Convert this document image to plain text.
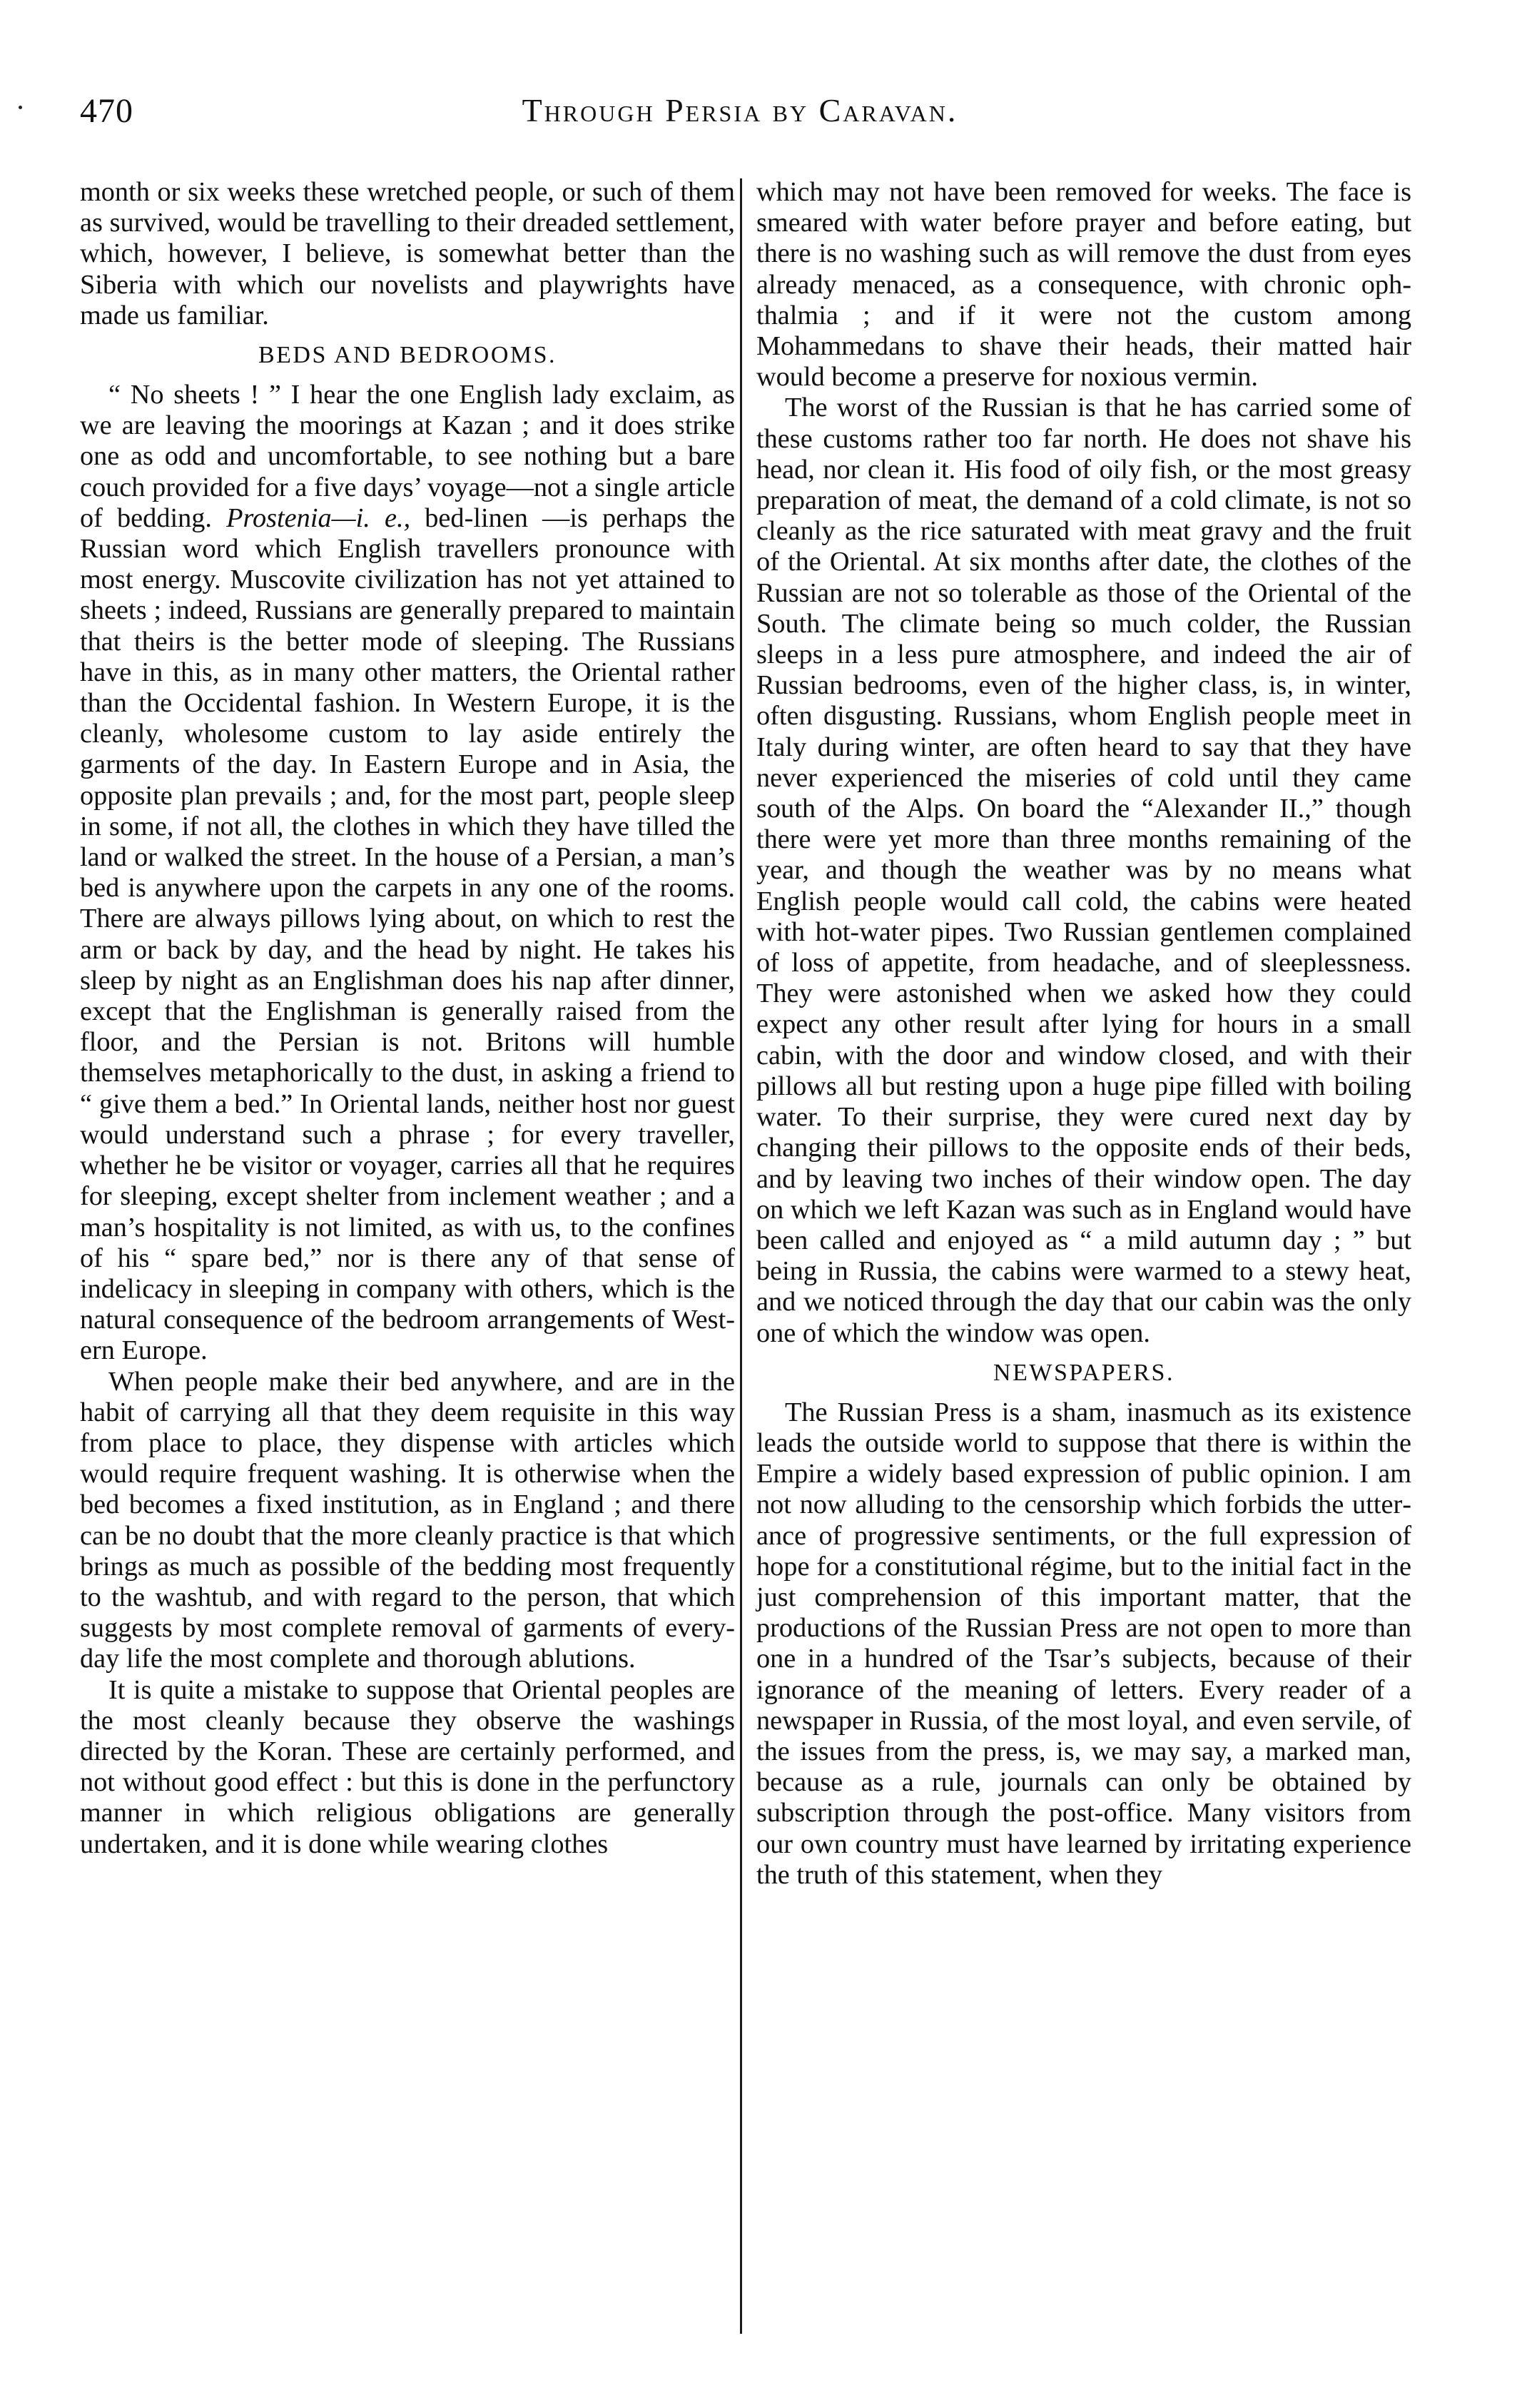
470	Through Persia by Caravan.

month or six weeks these wretched people, or such of them as survived, would be travelling to their dreaded settlement, which, however, I believe, is somewhat better than the Siberia with which our novelists and playwrights have made us familiar.

BEDS AND BEDROOMS.

“ No sheets ! ” I hear the one English lady exclaim, as we are leaving the moorings at Kazan ; and it does strike one as odd and uncomfortable, to see nothing but a bare couch provided for a five days’ voyage—not a single article of bedding. Prostenia—i. e., bed-linen —is perhaps the Russian word which English travellers pronounce with most energy. Muscovite civilization has not yet attained to sheets ; indeed, Russians are generally prepared to maintain that theirs is the better mode of sleeping. The Russians have in this, as in many other matters, the Oriental rather than the Occidental fashion. In Western Europe, it is the cleanly, wholesome custom to lay aside entirely the garments of the day. In Eastern Europe and in Asia, the opposite plan prevails ; and, for the most part, people sleep in some, if not all, the clothes in which they have tilled the land or walked the street. In the house of a Persian, a man’s bed is anywhere upon the carpets in any one of the rooms. There are always pillows lying about, on which to rest the arm or back by day, and the head by night. He takes his sleep by night as an Englishman does his nap after dinner, except that the Englishman is generally raised from the floor, and the Persian is not. Britons will humble themselves metaphorically to the dust, in asking a friend to “ give them a bed.” In Oriental lands, neither host nor guest would understand such a phrase ; for every traveller, whether he be visitor or voyager, carries all that he requires for sleeping, except shelter from inclement weather ; and a man’s hospitality is not limited, as with us, to the confines of his “ spare bed,” nor is there any of that sense of indelicacy in sleeping in company with others, which is the natural consequence of the bedroom arrangements of Western Europe.

When people make their bed anywhere, and are in the habit of carrying all that they deem requisite in this way from place to place, they dispense with articles which would require frequent washing. It is otherwise when the bed becomes a fixed institution, as in England ; and there can be no doubt that the more cleanly practice is that which brings as much as possible of the bedding most frequently to the washtub, and with regard to the person, that which suggests by most complete removal of garments of every-day life the most complete and thorough ablutions.

It is quite a mistake to suppose that Oriental peoples are the most cleanly because they observe the washings directed by the Koran. These are certainly performed, and not without good effect : but this is done in the perfunctory manner in which religious obligations are generally undertaken, and it is done while wearing clothes

which may not have been removed for weeks. The face is smeared with water before prayer and before eating, but there is no washing such as will remove the dust from eyes already menaced, as a consequence, with chronic ophthalmia ; and if it were not the custom among Mohammedans to shave their heads, their matted hair would become a preserve for noxious vermin.

The worst of the Russian is that he has carried some of these customs rather too far north. He does not shave his head, nor clean it. His food of oily fish, or the most greasy preparation of meat, the demand of a cold climate, is not so cleanly as the rice saturated with meat gravy and the fruit of the Oriental. At six months after date, the clothes of the Russian are not so tolerable as those of the Oriental of the South. The climate being so much colder, the Russian sleeps in a less pure atmosphere, and indeed the air of Russian bedrooms, even of the higher class, is, in winter, often disgusting. Russians, whom English people meet in Italy during winter, are often heard to say that they have never experienced the miseries of cold until they came south of the Alps. On board the “Alexander II.,” though there were yet more than three months remaining of the year, and though the weather was by no means what English people would call cold, the cabins were heated with hot-water pipes. Two Russian gentlemen complained of loss of appetite, from headache, and of sleeplessness. They were astonished when we asked how they could expect any other result after lying for hours in a small cabin, with the door and window closed, and with their pillows all but resting upon a huge pipe filled with boiling water. To their surprise, they were cured next day by changing their pillows to the opposite ends of their beds, and by leaving two inches of their window open. The day on which we left Kazan was such as in England would have been called and enjoyed as “ a mild autumn day ; ” but being in Russia, the cabins were warmed to a stewy heat, and we noticed through the day that our cabin was the only one of which the window was open.

NEWSPAPERS.

The Russian Press is a sham, inasmuch as its existence leads the outside world to suppose that there is within the Empire a widely based expression of public opinion. I am not now alluding to the censorship which forbids the utterance of progressive sentiments, or the full expression of hope for a constitutional régime, but to the initial fact in the just comprehension of this important matter, that the productions of the Russian Press are not open to more than one in a hundred of the Tsar’s subjects, because of their ignorance of the meaning of letters. Every reader of a newspaper in Russia, of the most loyal, and even servile, of the issues from the press, is, we may say, a marked man, because as a rule, journals can only be obtained by subscription through the post-office. Many visitors from our own country must have learned by irritating experience the truth of this statement, when they
